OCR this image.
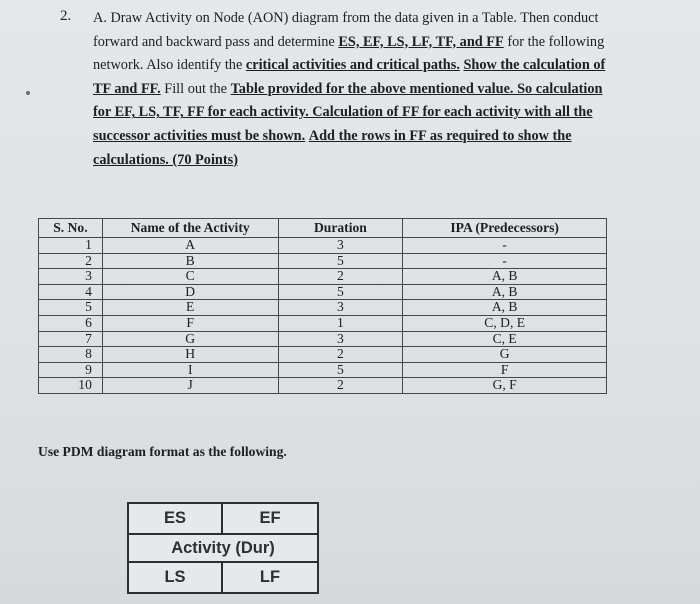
2. A. Draw Activity on Node (AON) diagram from the data given in a Table. Then conduct forward and backward pass and determine ES, EF, LS, LF, TF, and FF for the following network. Also identify the critical activities and critical paths. Show the calculation of TF and FF. Fill out the Table provided for the above mentioned value. So calculation for EF, LS, TF, FF for each activity. Calculation of FF for each activity with all the successor activities must be shown. Add the rows in FF as required to show the calculations. (70 Points)
S. No.	Name of the Activity	Duration	IPA (Predecessors)
1	A	3	-
2	B	5	-
3	C	2	A, B
4	D	5	A, B
5	E	3	A, B
6	F	1	C, D, E
7	G	3	C, E
8	H	2	G
9	I	5	F
10	J	2	G, F
Use PDM diagram format as the following.
ES	EF
Activity (Dur)
LS	LF
